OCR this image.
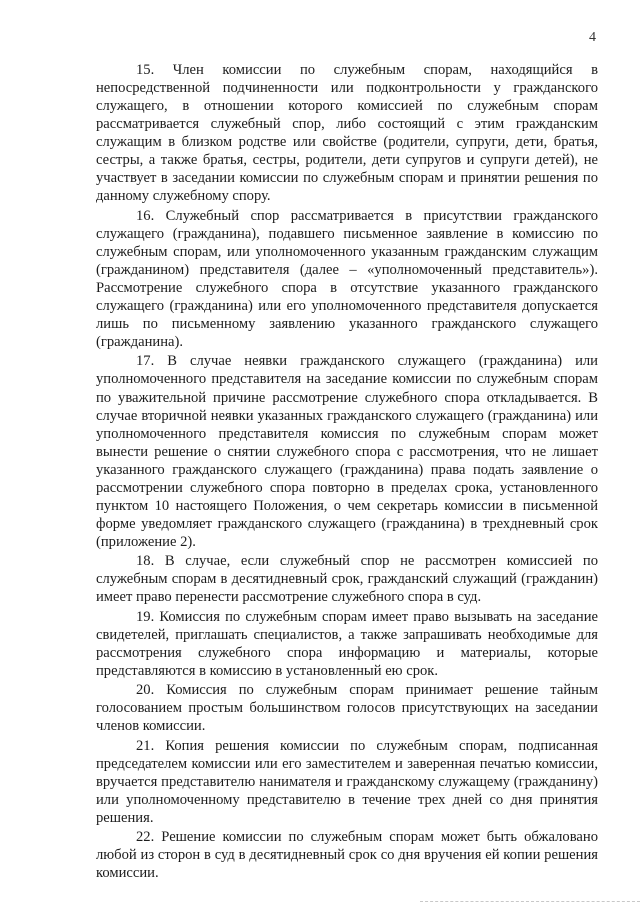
4

15. Член комиссии по служебным спорам, находящийся в непосредственной подчиненности или подконтрольности у гражданского служащего, в отношении которого комиссией по служебным спорам рассматривается служебный спор, либо состоящий с этим гражданским служащим в близком родстве или свойстве (родители, супруги, дети, братья, сестры, а также братья, сестры, родители, дети супругов и супруги детей), не участвует в заседании комиссии по служебным спорам и принятии решения по данному служебному спору.

16. Служебный спор рассматривается в присутствии гражданского служащего (гражданина), подавшего письменное заявление в комиссию по служебным спорам, или уполномоченного указанным гражданским служащим (гражданином) представителя (далее – «уполномоченный представитель»). Рассмотрение служебного спора в отсутствие указанного гражданского служащего (гражданина) или его уполномоченного представителя допускается лишь по письменному заявлению указанного гражданского служащего (гражданина).

17. В случае неявки гражданского служащего (гражданина) или уполномоченного представителя на заседание комиссии по служебным спорам по уважительной причине рассмотрение служебного спора откладывается. В случае вторичной неявки указанных гражданского служащего (гражданина) или уполномоченного представителя комиссия по служебным спорам может вынести решение о снятии служебного спора с рассмотрения, что не лишает указанного гражданского служащего (гражданина) права подать заявление о рассмотрении служебного спора повторно в пределах срока, установленного пунктом 10 настоящего Положения, о чем секретарь комиссии в письменной форме уведомляет гражданского служащего (гражданина) в трехдневный срок (приложение 2).

18. В случае, если служебный спор не рассмотрен комиссией по служебным спорам в десятидневный срок, гражданский служащий (гражданин) имеет право перенести рассмотрение служебного спора в суд.

19. Комиссия по служебным спорам имеет право вызывать на заседание свидетелей, приглашать специалистов, а также запрашивать необходимые для рассмотрения служебного спора информацию и материалы, которые представляются в комиссию в установленный ею срок.

20. Комиссия по служебным спорам принимает решение тайным голосованием простым большинством голосов присутствующих на заседании членов комиссии.

21. Копия решения комиссии по служебным спорам, подписанная председателем комиссии или его заместителем и заверенная печатью комиссии, вручается представителю нанимателя и гражданскому служащему (гражданину) или уполномоченному представителю в течение трех дней со дня принятия решения.

22. Решение комиссии по служебным спорам может быть обжаловано любой из сторон в суд в десятидневный срок со дня вручения ей копии решения комиссии.
